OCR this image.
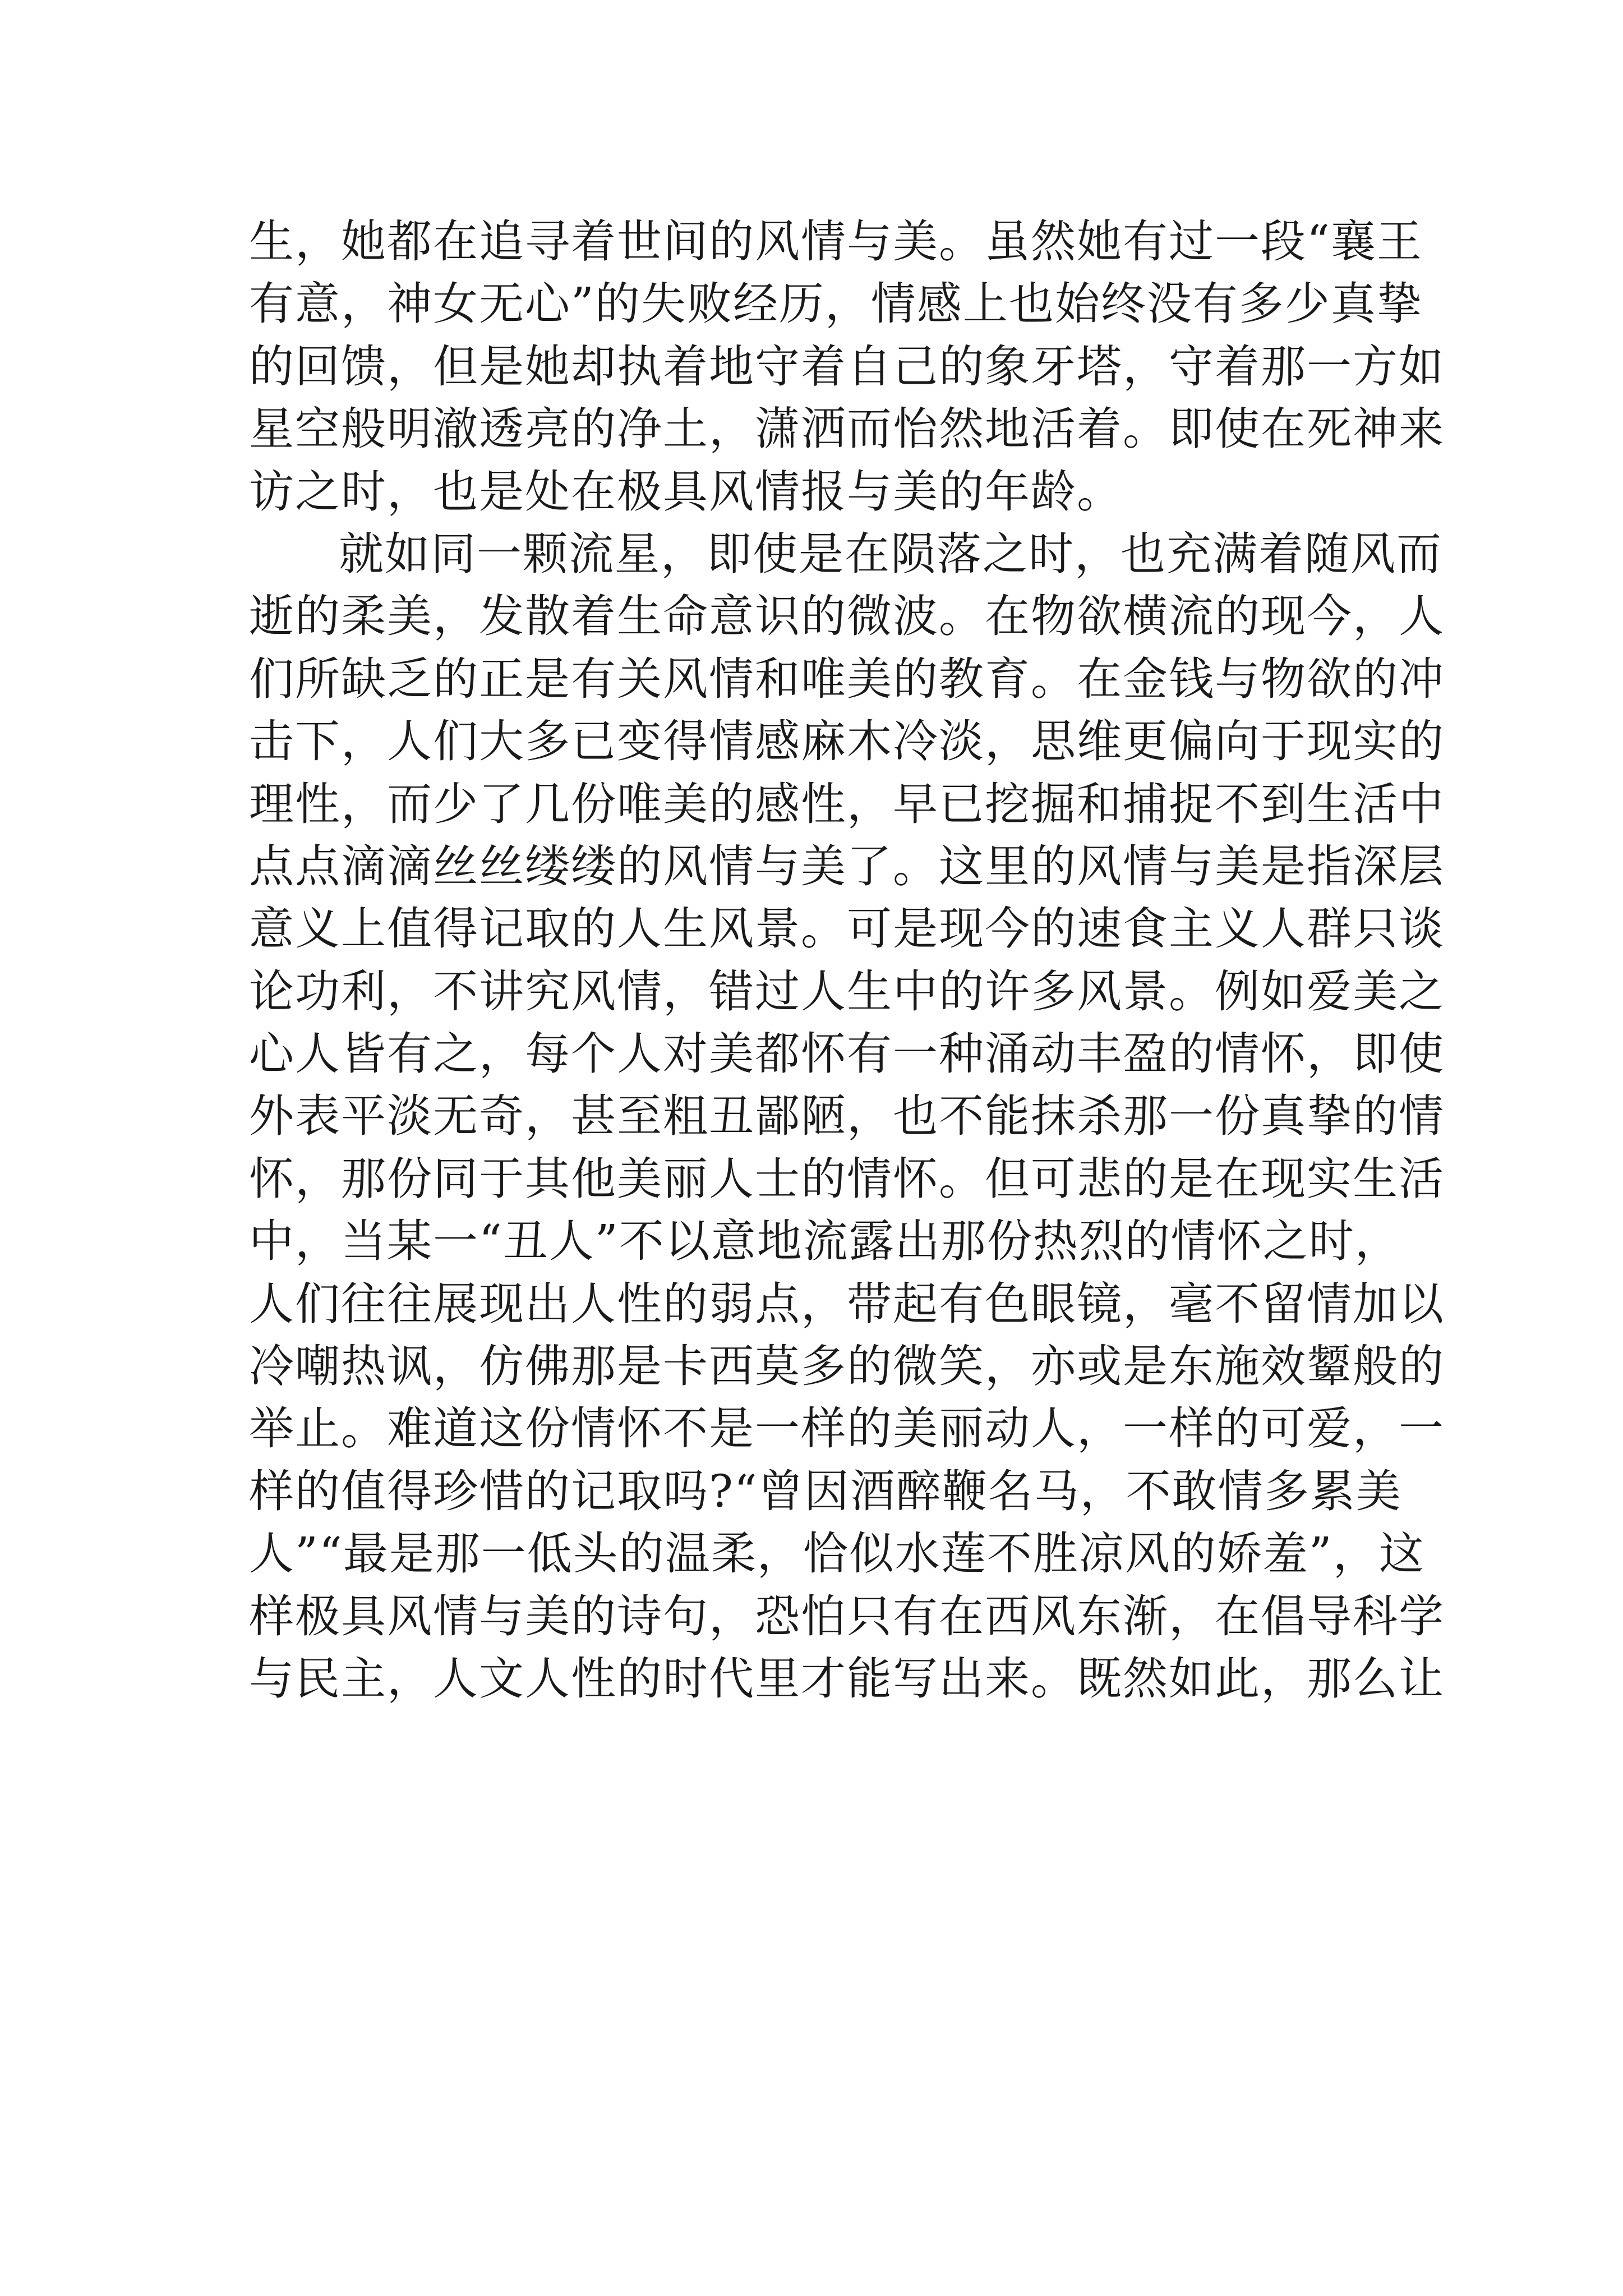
生，她都在追寻着世间的风情与美。虽然她有过一段“襄王
有意，神女无心”的失败经历，情感上也始终没有多少真挚
的回馈，但是她却执着地守着自己的象牙塔，守着那一方如
星空般明澈透亮的净土，潇洒而怡然地活着。即使在死神来
访之时，也是处在极具风情报与美的年龄。
就如同一颗流星，即使是在陨落之时，也充满着随风而
逝的柔美，发散着生命意识的微波。在物欲横流的现今，人
们所缺乏的正是有关风情和唯美的教育。在金钱与物欲的冲
击下，人们大多已变得情感麻木冷淡，思维更偏向于现实的
理性，而少了几份唯美的感性，早已挖掘和捕捉不到生活中
点点滴滴丝丝缕缕的风情与美了。这里的风情与美是指深层
意义上值得记取的人生风景。可是现今的速食主义人群只谈
论功利，不讲究风情，错过人生中的许多风景。例如爱美之
心人皆有之，每个人对美都怀有一种涌动丰盈的情怀，即使
外表平淡无奇，甚至粗丑鄙陋，也不能抹杀那一份真挚的情
怀，那份同于其他美丽人士的情怀。但可悲的是在现实生活
中，当某一“丑人”不以意地流露出那份热烈的情怀之时，
人们往往展现出人性的弱点，带起有色眼镜，毫不留情加以
冷嘲热讽，仿佛那是卡西莫多的微笑，亦或是东施效颦般的
举止。难道这份情怀不是一样的美丽动人，一样的可爱，一
样的值得珍惜的记取吗?“曾因酒醉鞭名马，不敢情多累美
人”“最是那一低头的温柔，恰似水莲不胜凉风的娇羞”，这
样极具风情与美的诗句，恐怕只有在西风东渐，在倡导科学
与民主，人文人性的时代里才能写出来。既然如此，那么让
